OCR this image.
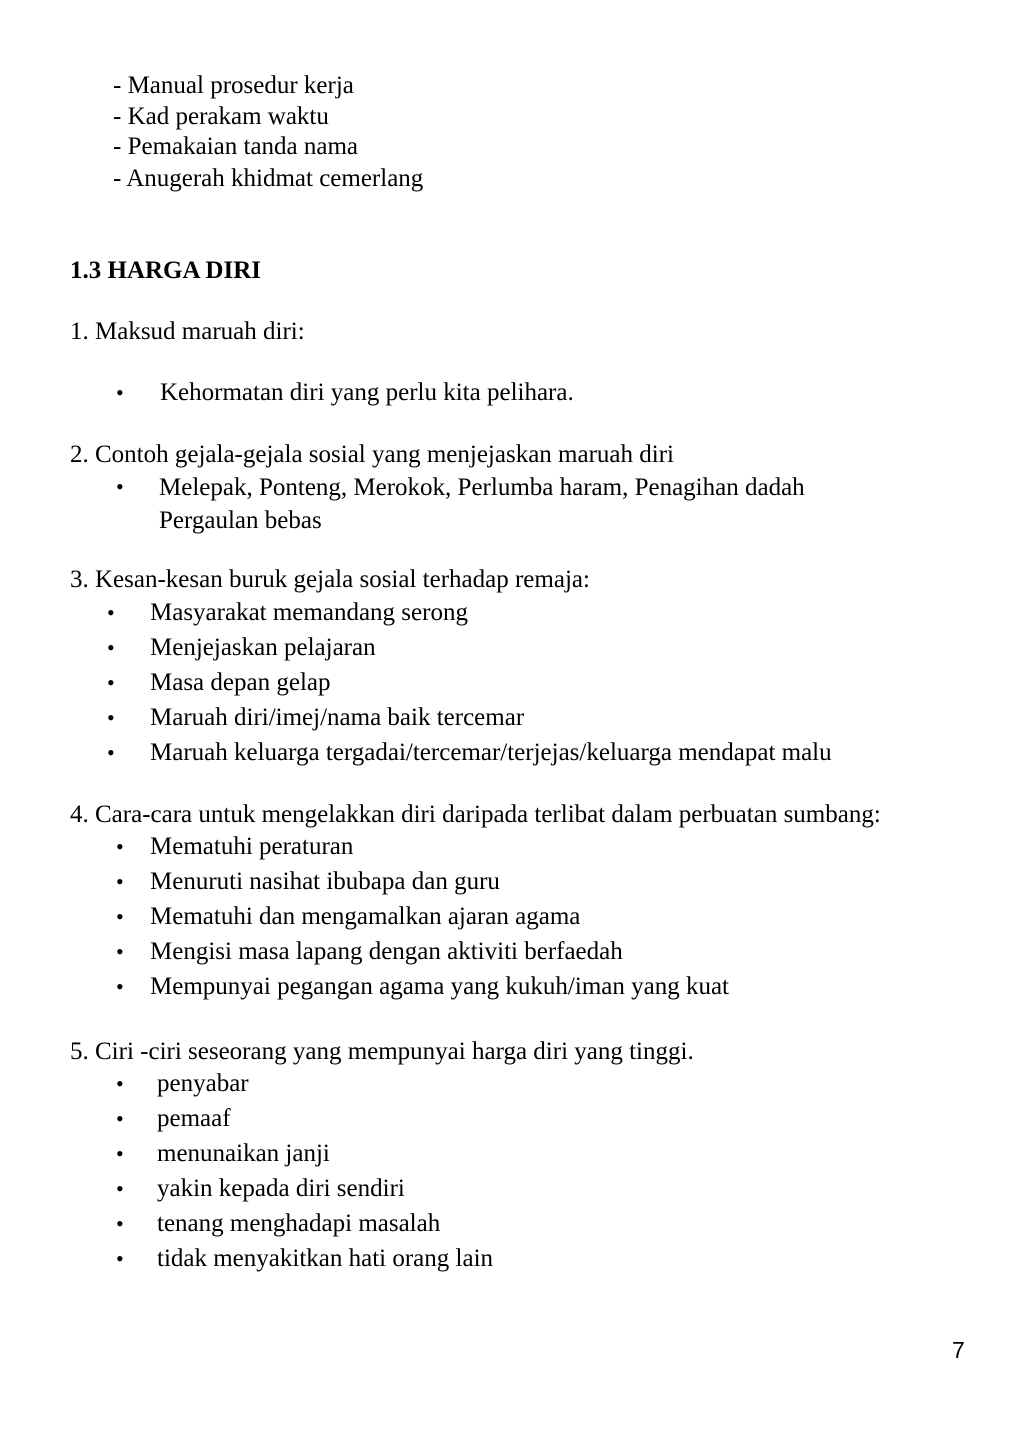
- Manual prosedur kerja
- Kad perakam waktu
- Pemakaian tanda nama
- Anugerah khidmat cemerlang
1.3 HARGA DIRI
1. Maksud maruah diri:
• Kehormatan diri yang perlu kita pelihara.
2. Contoh gejala-gejala sosial yang menjejaskan maruah diri
• Melepak, Ponteng, Merokok, Perlumba haram, Penagihan dadah
Pergaulan bebas
3. Kesan-kesan buruk gejala sosial terhadap remaja:
• Masyarakat memandang serong
• Menjejaskan pelajaran
• Masa depan gelap
• Maruah diri/imej/nama baik tercemar
• Maruah keluarga tergadai/tercemar/terjejas/keluarga mendapat malu
4. Cara-cara untuk mengelakkan diri daripada terlibat dalam perbuatan sumbang:
• Mematuhi peraturan
• Menuruti nasihat ibubapa dan guru
• Mematuhi dan mengamalkan ajaran agama
• Mengisi masa lapang dengan aktiviti berfaedah
• Mempunyai pegangan agama yang kukuh/iman yang kuat
5. Ciri -ciri seseorang yang mempunyai harga diri yang tinggi.
• penyabar
• pemaaf
• menunaikan janji
• yakin kepada diri sendiri
• tenang menghadapi masalah
• tidak menyakitkan hati orang lain
7
